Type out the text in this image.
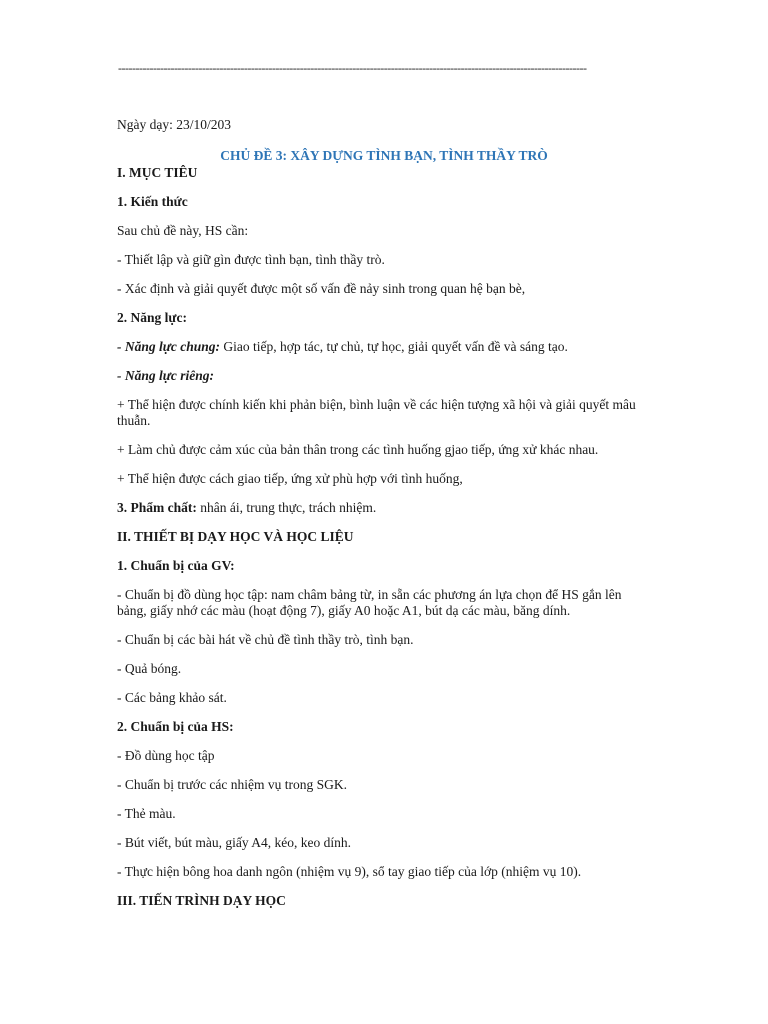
--------------------------------------------------------------------------------------------------------------------------------------
Ngày dạy: 23/10/203
CHỦ ĐỀ 3: XÂY DỰNG TÌNH BẠN, TÌNH THẦY TRÒ
I. MỤC TIÊU
1. Kiến thức
Sau chủ đề này, HS cần:
- Thiết lập và giữ gìn được tình bạn, tình thầy trò.
- Xác định và giải quyết được một số vấn đề nảy sinh trong quan hệ bạn bè,
2. Năng lực:
- Năng lực chung: Giao tiếp, hợp tác, tự chủ, tự học, giải quyết vấn đề và sáng tạo.
- Năng lực riêng:
+ Thể hiện được chính kiến khi phản biện, bình luận về các hiện tượng xã hội và giải quyết mâu thuẫn.
+ Làm chủ được cảm xúc của bản thân trong các tình huống gjao tiếp, ứng xử khác nhau.
+ Thể hiện được cách giao tiếp, ứng xử phù hợp với tình huống,
3. Phẩm chất: nhân ái, trung thực, trách nhiệm.
II. THIẾT BỊ DẠY HỌC VÀ HỌC LIỆU
1. Chuẩn bị của GV:
- Chuẩn bị đồ dùng học tập: nam châm bảng từ, in sẵn các phương án lựa chọn để HS gắn lên bảng, giấy nhớ các màu (hoạt động 7), giấy A0 hoặc A1, bút dạ các màu, băng dính.
- Chuẩn bị các bài hát về chủ đề tình thầy trò, tình bạn.
- Quả bóng.
- Các bảng khảo sát.
2. Chuẩn bị của HS:
- Đồ dùng học tập
- Chuẩn bị trước các nhiệm vụ trong SGK.
- Thẻ màu.
- Bút viết, bút màu, giấy A4, kéo, keo dính.
- Thực hiện bông hoa danh ngôn (nhiệm vụ 9), sổ tay giao tiếp của lớp (nhiệm vụ 10).
III. TIẾN TRÌNH DẠY HỌC
